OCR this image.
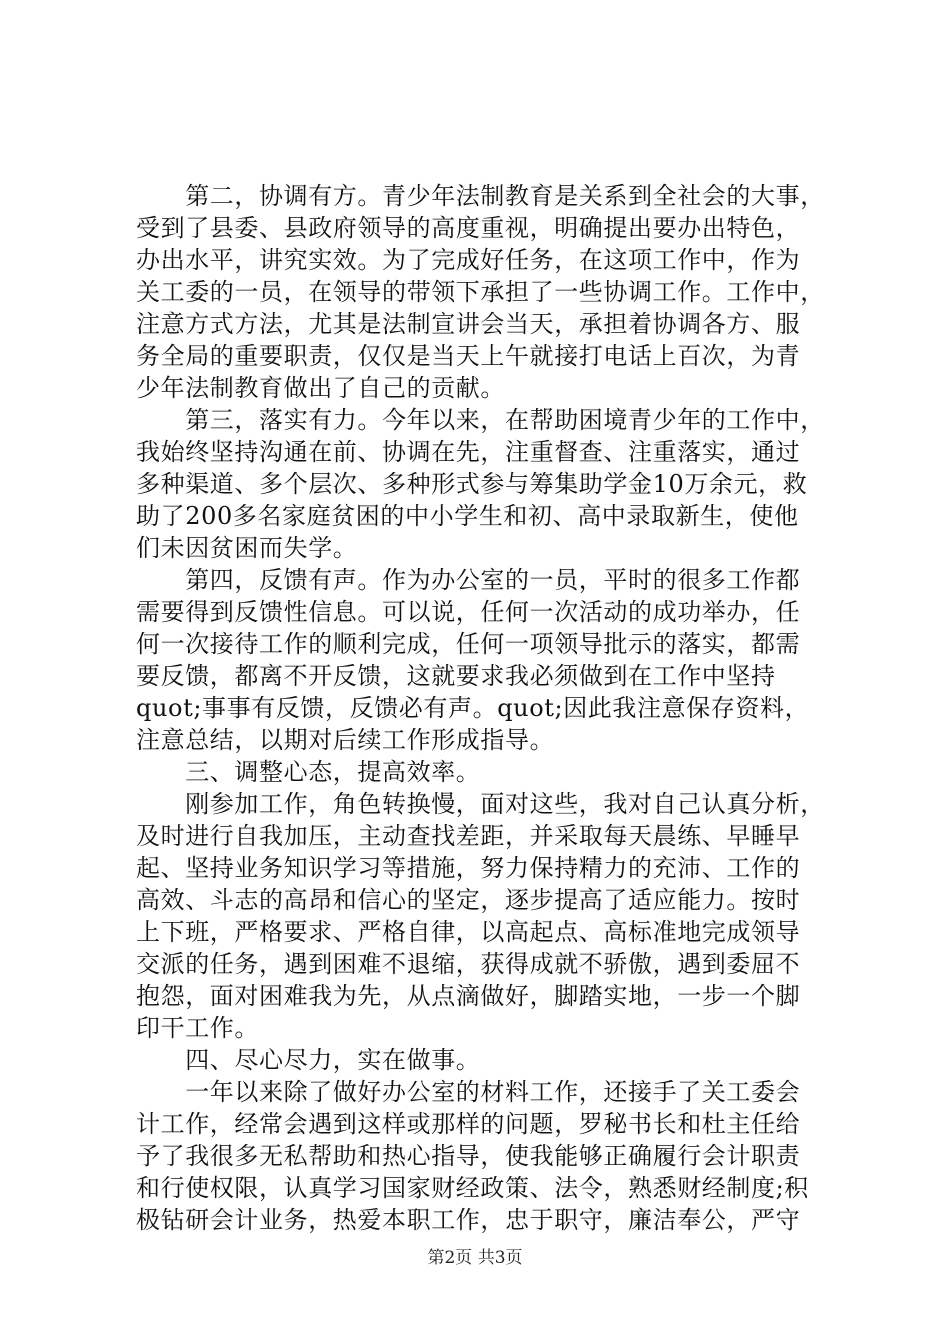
　　第二，协调有方。青少年法制教育是关系到全社会的大事，
受到了县委、县政府领导的高度重视，明确提出要办出特色，
办出水平，讲究实效。为了完成好任务，在这项工作中，作为
关工委的一员，在领导的带领下承担了一些协调工作。工作中，
注意方式方法，尤其是法制宣讲会当天，承担着协调各方、服
务全局的重要职责，仅仅是当天上午就接打电话上百次，为青
少年法制教育做出了自己的贡献。
　　第三，落实有力。今年以来，在帮助困境青少年的工作中，
我始终坚持沟通在前、协调在先，注重督查、注重落实，通过
多种渠道、多个层次、多种形式参与筹集助学金10万余元，救
助了200多名家庭贫困的中小学生和初、高中录取新生，使他
们未因贫困而失学。
　　第四，反馈有声。作为办公室的一员，平时的很多工作都
需要得到反馈性信息。可以说，任何一次活动的成功举办，任
何一次接待工作的顺利完成，任何一项领导批示的落实，都需
要反馈，都离不开反馈，这就要求我必须做到在工作中坚持
quot;事事有反馈，反馈必有声。quot;因此我注意保存资料，
注意总结，以期对后续工作形成指导。
　　三、调整心态，提高效率。
　　刚参加工作，角色转换慢，面对这些，我对自己认真分析，
及时进行自我加压，主动查找差距，并采取每天晨练、早睡早
起、坚持业务知识学习等措施，努力保持精力的充沛、工作的
高效、斗志的高昂和信心的坚定，逐步提高了适应能力。按时
上下班，严格要求、严格自律，以高起点、高标准地完成领导
交派的任务，遇到困难不退缩，获得成就不骄傲，遇到委屈不
抱怨，面对困难我为先，从点滴做好，脚踏实地，一步一个脚
印干工作。
　　四、尽心尽力，实在做事。
　　一年以来除了做好办公室的材料工作，还接手了关工委会
计工作，经常会遇到这样或那样的问题，罗秘书长和杜主任给
予了我很多无私帮助和热心指导，使我能够正确履行会计职责
和行使权限，认真学习国家财经政策、法令，熟悉财经制度;积
极钻研会计业务，热爱本职工作，忠于职守，廉洁奉公，严守
第2页 共3页
